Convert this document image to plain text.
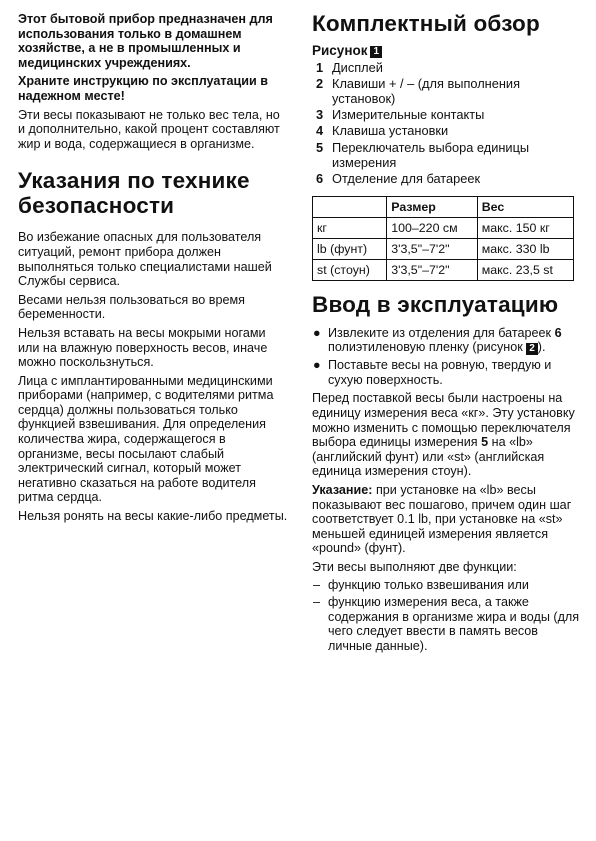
Этот бытовой прибор предназначен для использования только в домашнем хозяйстве, а не в промышленных и медицинских учреждениях.

Храните инструкцию по эксплуатации в надежном месте!

Эти весы показывают не только вес тела, но и дополнительно, какой процент составляют жир и вода, содержащиеся в организме.

Указания по технике безопасности

Во избежание опасных для пользователя ситуаций, ремонт прибора должен выполняться только специалистами нашей Службы сервиса.

Весами нельзя пользоваться во время беременности.

Нельзя вставать на весы мокрыми ногами или на влажную поверхность весов, иначе можно поскользнуться.

Лица с имплантированными медицинскими приборами (например, с водителями ритма сердца) должны пользоваться только функцией взвешивания. Для определения количества жира, содержащегося в организме, весы посылают слабый электрический сигнал, который может негативно сказаться на работе водителя ритма сердца.

Нельзя ронять на весы какие-либо предметы.

Комплектный обзор
Рисунок 1
1 Дисплей
2 Клавиши + / – (для выполнения установок)
3 Измерительные контакты
4 Клавиша установки
5 Переключатель выбора единицы измерения
6 Отделение для батареек
	Размер	Вес
кг	100–220 см	макс. 150 кг
lb (фунт)	3'3,5"–7'2"	макс. 330 lb
st (стоун)	3'3,5"–7'2"	макс. 23,5 st
Ввод в эксплуатацию
● Извлеките из отделения для батареек 6 полиэтиленовую пленку (рисунок 2 ).
● Поставьте весы на ровную, твердую и сухую поверхность.

Перед поставкой весы были настроены на единицу измерения веса «кг». Эту установку можно изменить с помощью переключателя выбора единицы измерения 5 на «lb» (английский фунт) или «st» (английская единица измерения стоун).

Указание: при установке на «lb» весы показывают вес пошагово, причем один шаг соответствует 0.1 lb, при установке на «st» меньшей единицей измерения является «pound» (фунт).

Эти весы выполняют две функции:

– функцию только взвешивания или
– функцию измерения веса, а также содержания в организме жира и воды (для чего следует ввести в память весов личные данные).
